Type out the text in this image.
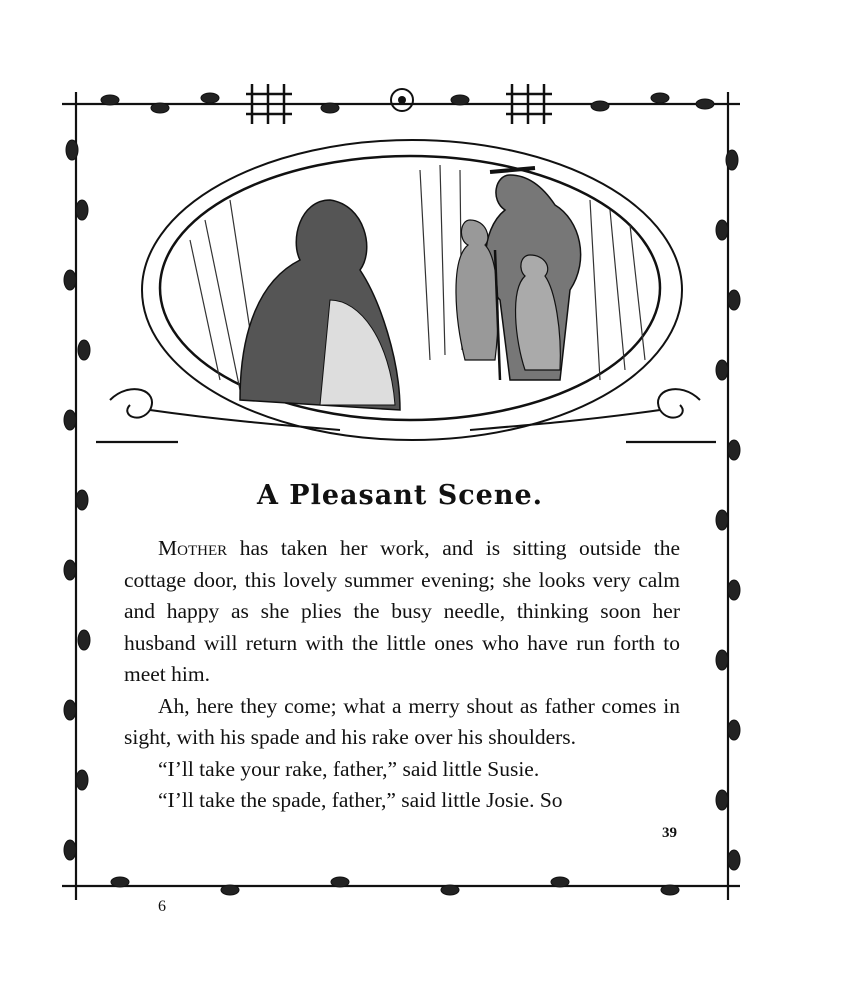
A Pleasant Scene.

Mother has taken her work, and is sitting outside the cottage door, this lovely summer evening; she looks very calm and happy as she plies the busy needle, thinking soon her husband will return with the little ones who have run forth to meet him.

Ah, here they come; what a merry shout as father comes in sight, with his spade and his rake over his shoulders.

“I’ll take your rake, father,” said little Susie.

“I’ll take the spade, father,” said little Josie. So

39
6
